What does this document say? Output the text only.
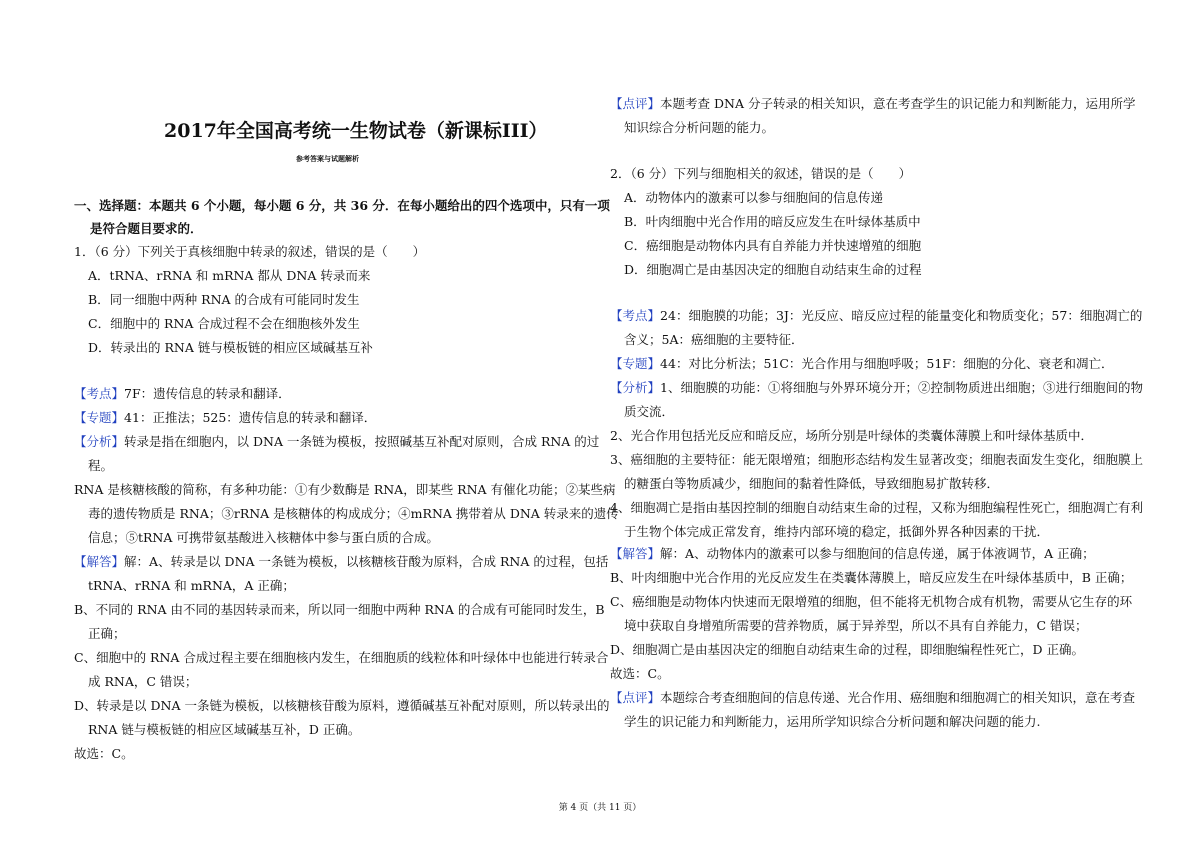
2017年全国高考统一生物试卷（新课标III）
参考答案与试题解析
一、选择题：本题共 6 个小题，每小题 6 分，共 36 分．在每小题给出的四个选项中，只有一项
是符合题目要求的．
1．（6 分）下列关于真核细胞中转录的叙述，错误的是（　　）
A．tRNA、rRNA 和 mRNA 都从 DNA 转录而来
B．同一细胞中两种 RNA 的合成有可能同时发生
C．细胞中的 RNA 合成过程不会在细胞核外发生
D．转录出的 RNA 链与模板链的相应区域碱基互补
【考点】7F：遗传信息的转录和翻译．
【专题】41：正推法；525：遗传信息的转录和翻译．
【分析】转录是指在细胞内，以 DNA 一条链为模板，按照碱基互补配对原则，合成 RNA 的过
程。
RNA 是核糖核酸的简称，有多种功能：①有少数酶是 RNA，即某些 RNA 有催化功能；②某些病
毒的遗传物质是 RNA；③rRNA 是核糖体的构成成分；④mRNA 携带着从 DNA 转录来的遗传
信息；⑤tRNA 可携带氨基酸进入核糖体中参与蛋白质的合成。
【解答】解：A、转录是以 DNA 一条链为模板，以核糖核苷酸为原料，合成 RNA 的过程，包括
tRNA、rRNA 和 mRNA，A 正确；
B、不同的 RNA 由不同的基因转录而来，所以同一细胞中两种 RNA 的合成有可能同时发生，B
正确；
C、细胞中的 RNA 合成过程主要在细胞核内发生，在细胞质的线粒体和叶绿体中也能进行转录合
成 RNA，C 错误；
D、转录是以 DNA 一条链为模板，以核糖核苷酸为原料，遵循碱基互补配对原则，所以转录出的
RNA 链与模板链的相应区域碱基互补，D 正确。
故选：C。
【点评】本题考查 DNA 分子转录的相关知识，意在考查学生的识记能力和判断能力，运用所学
知识综合分析问题的能力。
2．（6 分）下列与细胞相关的叙述，错误的是（　　）
A．动物体内的激素可以参与细胞间的信息传递
B．叶肉细胞中光合作用的暗反应发生在叶绿体基质中
C．癌细胞是动物体内具有自养能力并快速增殖的细胞
D．细胞凋亡是由基因决定的细胞自动结束生命的过程
【考点】24：细胞膜的功能；3J：光反应、暗反应过程的能量变化和物质变化；57：细胞凋亡的
含义；5A：癌细胞的主要特征．
【专题】44：对比分析法；51C：光合作用与细胞呼吸；51F：细胞的分化、衰老和凋亡．
【分析】1、细胞膜的功能：①将细胞与外界环境分开；②控制物质进出细胞；③进行细胞间的物
质交流．
2、光合作用包括光反应和暗反应，场所分别是叶绿体的类囊体薄膜上和叶绿体基质中．
3、癌细胞的主要特征：能无限增殖；细胞形态结构发生显著改变；细胞表面发生变化，细胞膜上
的糖蛋白等物质减少，细胞间的黏着性降低，导致细胞易扩散转移．
4、细胞凋亡是指由基因控制的细胞自动结束生命的过程，又称为细胞编程性死亡，细胞凋亡有利
于生物个体完成正常发育，维持内部环境的稳定，抵御外界各种因素的干扰．
【解答】解：A、动物体内的激素可以参与细胞间的信息传递，属于体液调节，A 正确；
B、叶肉细胞中光合作用的光反应发生在类囊体薄膜上，暗反应发生在叶绿体基质中，B 正确；
C、癌细胞是动物体内快速而无限增殖的细胞，但不能将无机物合成有机物，需要从它生存的环
境中获取自身增殖所需要的营养物质，属于异养型，所以不具有自养能力，C 错误；
D、细胞凋亡是由基因决定的细胞自动结束生命的过程，即细胞编程性死亡，D 正确。
故选：C。
【点评】本题综合考查细胞间的信息传递、光合作用、癌细胞和细胞凋亡的相关知识，意在考查
学生的识记能力和判断能力，运用所学知识综合分析问题和解决问题的能力.
第 4 页（共 11 页）
